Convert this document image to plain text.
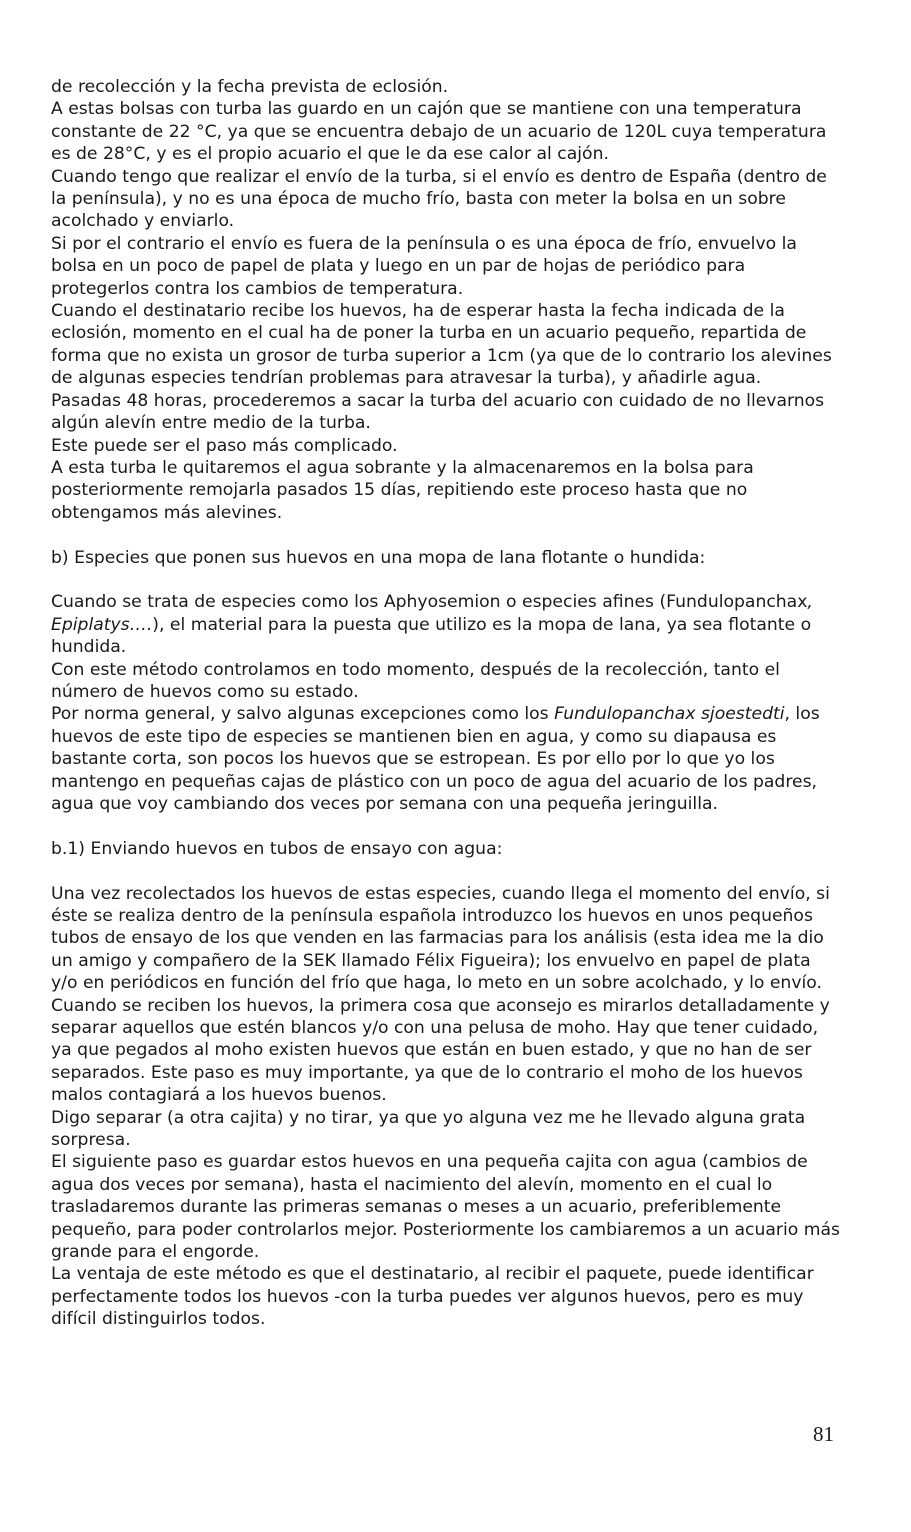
de recolección y la fecha prevista de eclosión.

A estas bolsas con turba las guardo en un cajón que se mantiene con una temperatura constante de 22 °C, ya que se encuentra debajo de un acuario de 120L cuya temperatura es de 28°C, y es el propio acuario el que le da ese calor al cajón.

Cuando tengo que realizar el envío de la turba, si el envío es dentro de España (dentro de la península), y no es una época de mucho frío, basta con meter la bolsa en un sobre acolchado y enviarlo.

Si por el contrario el envío es fuera de la península o es una época de frío, envuelvo la bolsa en un poco de papel de plata y luego en un par de hojas de periódico para protegerlos contra los cambios de temperatura.

Cuando el destinatario recibe los huevos, ha de esperar hasta la fecha indicada de la eclosión, momento en el cual ha de poner la turba en un acuario pequeño, repartida de forma que no exista un grosor de turba superior a 1cm (ya que de lo contrario los alevines de algunas especies tendrían problemas para atravesar la turba), y añadirle agua.

Pasadas 48 horas, procederemos a sacar la turba del acuario con cuidado de no llevarnos algún alevín entre medio de la turba.

Este puede ser el paso más complicado.

A esta turba le quitaremos el agua sobrante y la almacenaremos en la bolsa para posteriormente remojarla pasados 15 días, repitiendo este proceso hasta que no obtengamos más alevines.

b) Especies que ponen sus huevos en una mopa de lana flotante o hundida:

Cuando se trata de especies como los Aphyosemion o especies afines (Fundulopanchax, Epiplatys….), el material para la puesta que utilizo es la mopa de lana, ya sea flotante o hundida.

Con este método controlamos en todo momento, después de la recolección, tanto el número de huevos como su estado.

Por norma general, y salvo algunas excepciones como los Fundulopanchax sjoestedti, los huevos de este tipo de especies se mantienen bien en agua, y como su diapausa es bastante corta, son pocos los huevos que se estropean. Es por ello por lo que yo los mantengo en pequeñas cajas de plástico con un poco de agua del acuario de los padres, agua que voy cambiando dos veces por semana con una pequeña jeringuilla.

b.1) Enviando huevos en tubos de ensayo con agua:

Una vez recolectados los huevos de estas especies, cuando llega el momento del envío, si éste se realiza dentro de la península española introduzco los huevos en unos pequeños tubos de ensayo de los que venden en las farmacias para los análisis (esta idea me la dio un amigo y compañero de la SEK llamado Félix Figueira); los envuelvo en papel de plata y/o en periódicos en función del frío que haga, lo meto en un sobre acolchado, y lo envío.

Cuando se reciben los huevos, la primera cosa que aconsejo es mirarlos detalladamente y separar aquellos que estén blancos y/o con una pelusa de moho. Hay que tener cuidado, ya que pegados al moho existen huevos que están en buen estado, y que no han de ser separados. Este paso es muy importante, ya que de lo contrario el moho de los huevos malos contagiará a los huevos buenos.

Digo separar (a otra cajita) y no tirar, ya que yo alguna vez me he llevado alguna grata sorpresa.

El siguiente paso es guardar estos huevos en una pequeña cajita con agua (cambios de agua dos veces por semana), hasta el nacimiento del alevín, momento en el cual lo trasladaremos durante las primeras semanas o meses a un acuario, preferiblemente pequeño, para poder controlarlos mejor. Posteriormente los cambiaremos a un acuario más grande para el engorde.

La ventaja de este método es que el destinatario, al recibir el paquete, puede identificar perfectamente todos los huevos -con la turba puedes ver algunos huevos, pero es muy difícil distinguirlos todos.

81
